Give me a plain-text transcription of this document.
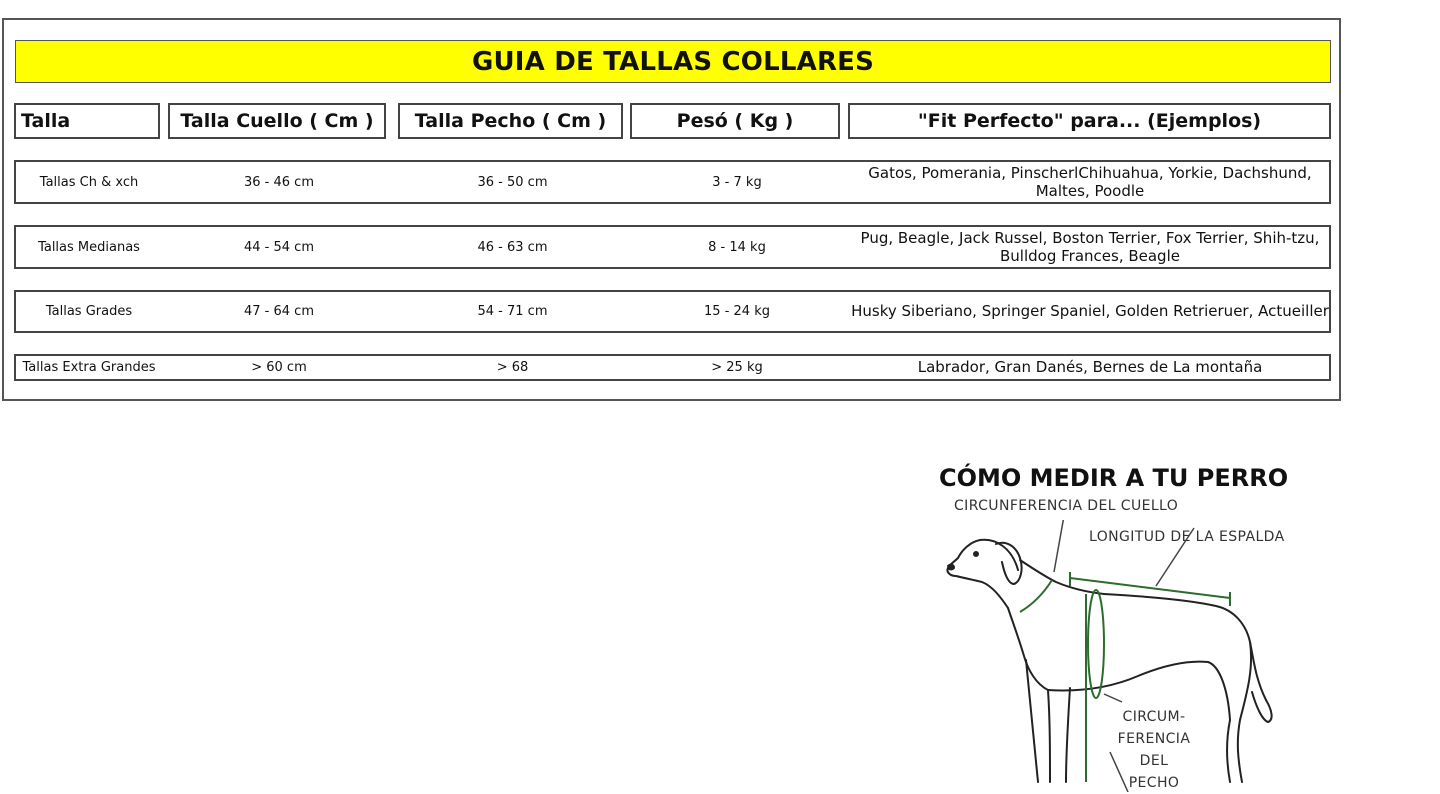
GUIA DE TALLAS COLLARES
Talla	Talla Cuello ( Cm )	Talla Pecho ( Cm )	Pesó ( Kg )	"Fit Perfecto" para... (Ejemplos)
Tallas Ch & xch	36 - 46 cm	36 - 50 cm	3 - 7 kg	Gatos, Pomerania, PinscherlChihuahua, Yorkie, Dachshund, Maltes, Poodle
Tallas Medianas	44 - 54 cm	46 - 63 cm	8 - 14 kg	Pug, Beagle, Jack Russel, Boston Terrier, Fox Terrier, Shih-tzu, Bulldog Frances, Beagle
Tallas Grades	47 - 64 cm	54 - 71 cm	15 - 24 kg	Husky Siberiano, Springer Spaniel, Golden Retrieruer, Actueiller
Tallas Extra Grandes	> 60 cm	> 68	> 25 kg	Labrador, Gran Danés, Bernes de La montaña
CÓMO MEDIR A TU PERRO
CIRCUNFERENCIA DEL CUELLO
LONGITUD DE LA ESPALDA
CIRCUM-
FERENCIA
DEL PECHO
